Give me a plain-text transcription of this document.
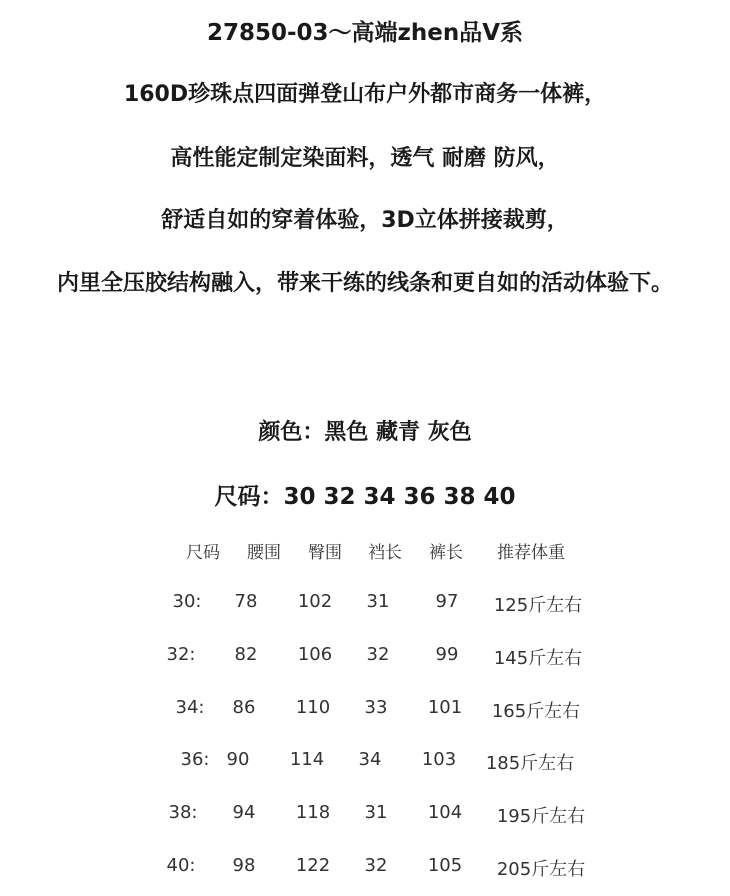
27850-03～高端zhen品V系
160D珍珠点四面弹登山布户外都市商务一体裤，
高性能定制定染面料，透气 耐磨 防风，
舒适自如的穿着体验，3D立体拼接裁剪，
内里全压胶结构融入，带来干练的线条和更自如的活动体验下。
颜色：黑色 藏青 灰色
尺码：30 32 34 36 38 40
尺码 腰围 臀围 裆长 裤长 推荐体重
30: 78 102 31	97 125斤左右
32: 82 106 32	99 145斤左右
34: 86 110 33 101 165斤左右
36: 90 114 34 103 185斤左右
38: 94 118 31 104 195斤左右
40: 98 122 32 105 205斤左右
